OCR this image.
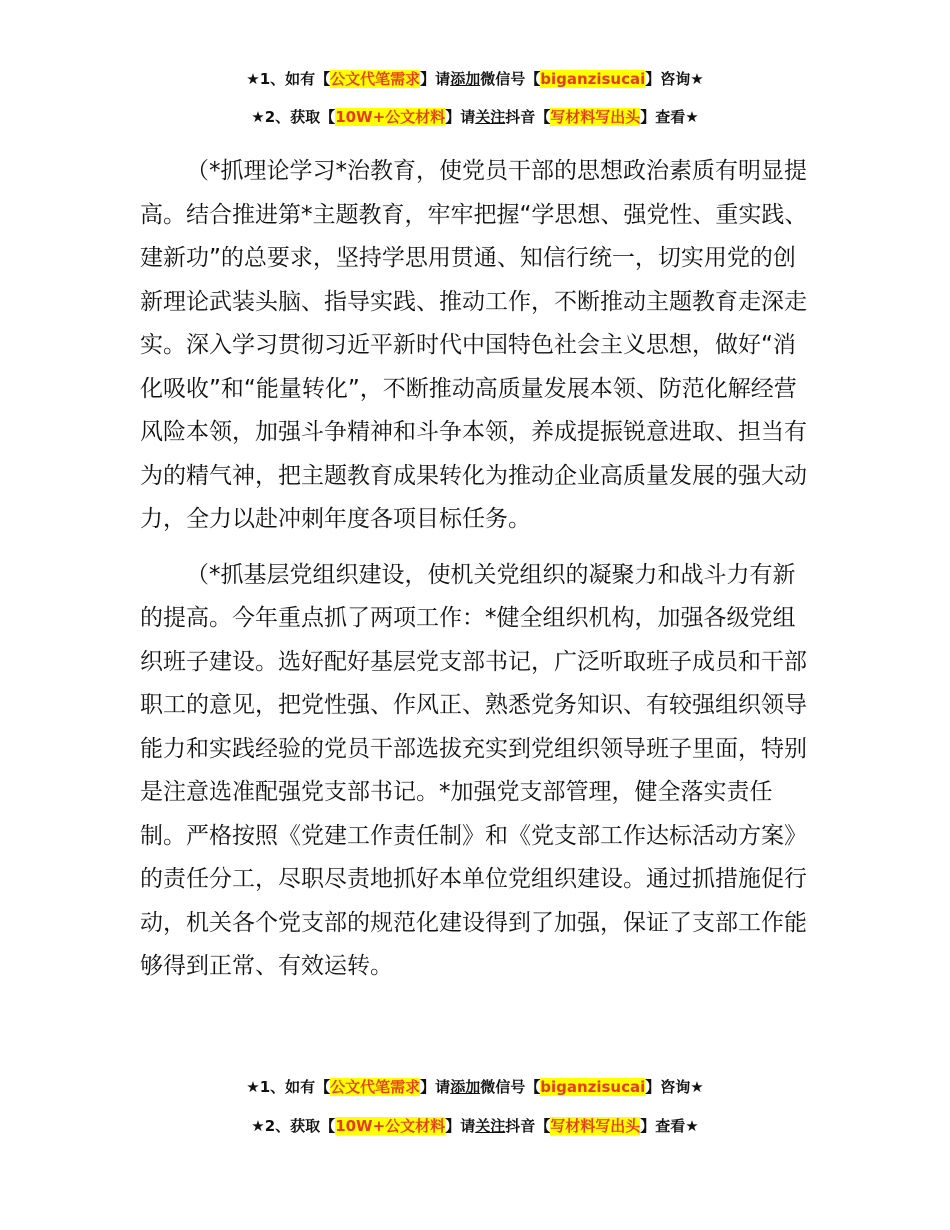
★1、如有【公文代笔需求】请添加微信号【biganzisucai】咨询★
★2、获取【10W+公文材料】请关注抖音【写材料写出头】查看★

（*抓理论学习*治教育，使党员干部的思想政治素质有明显提高。结合推进第*主题教育，牢牢把握“学思想、强党性、重实践、建新功”的总要求，坚持学思用贯通、知信行统一，切实用党的创新理论武装头脑、指导实践、推动工作，不断推动主题教育走深走实。深入学习贯彻习近平新时代中国特色社会主义思想，做好“消化吸收”和“能量转化”，不断推动高质量发展本领、防范化解经营风险本领，加强斗争精神和斗争本领，养成提振锐意进取、担当有为的精气神，把主题教育成果转化为推动企业高质量发展的强大动力，全力以赴冲刺年度各项目标任务。

（*抓基层党组织建设，使机关党组织的凝聚力和战斗力有新的提高。今年重点抓了两项工作：*健全组织机构，加强各级党组织班子建设。选好配好基层党支部书记，广泛听取班子成员和干部职工的意见，把党性强、作风正、熟悉党务知识、有较强组织领导能力和实践经验的党员干部选拔充实到党组织领导班子里面，特别是注意选准配强党支部书记。*加强党支部管理，健全落实责任制。严格按照《党建工作责任制》和《党支部工作达标活动方案》的责任分工，尽职尽责地抓好本单位党组织建设。通过抓措施促行动，机关各个党支部的规范化建设得到了加强，保证了支部工作能够得到正常、有效运转。

★1、如有【公文代笔需求】请添加微信号【biganzisucai】咨询★
★2、获取【10W+公文材料】请关注抖音【写材料写出头】查看★
